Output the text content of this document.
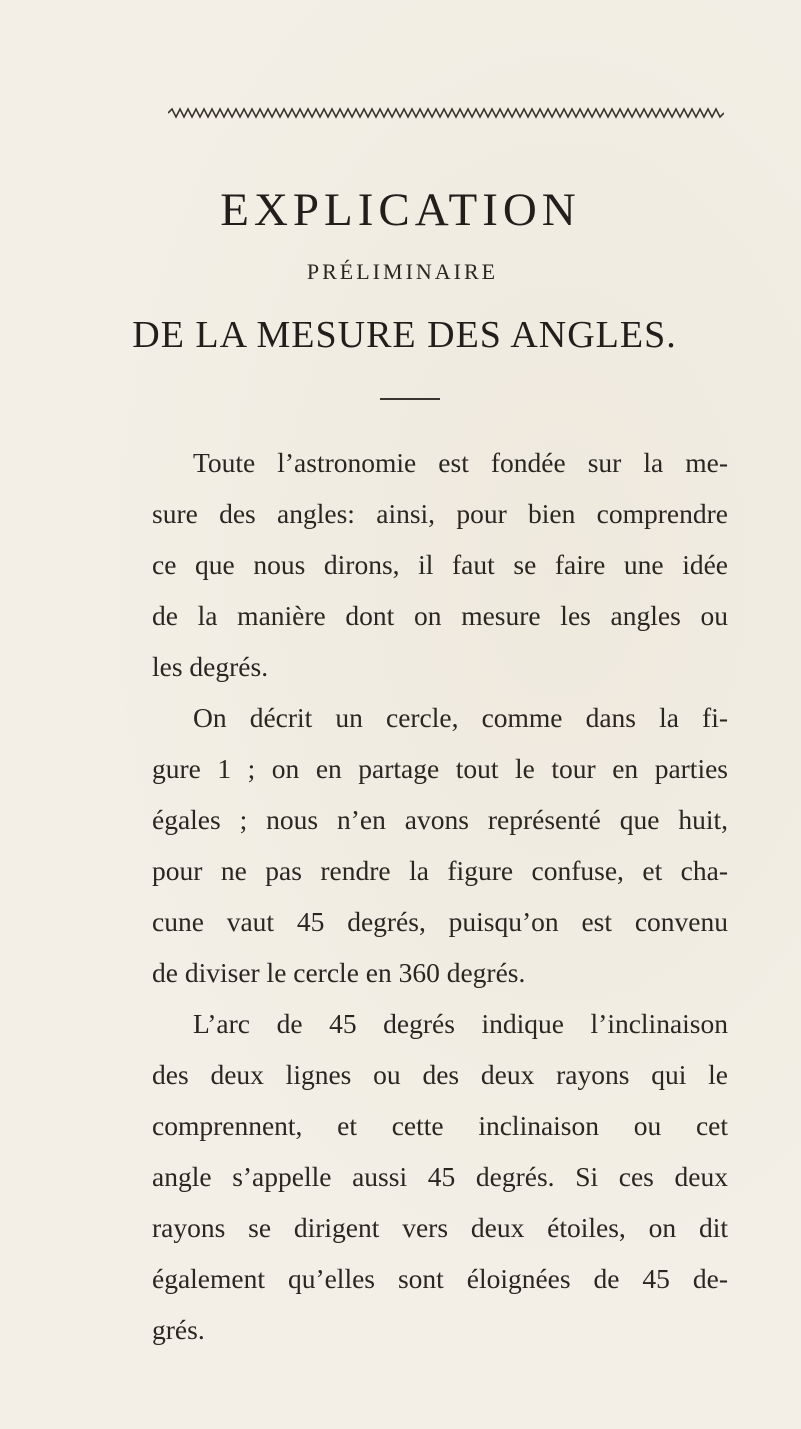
EXPLICATION
PRÉLIMINAIRE
DE LA MESURE DES ANGLES.
Toute l’astronomie est fondée sur la me-
sure des angles: ainsi, pour bien comprendre
ce que nous dirons, il faut se faire une idée
de la manière dont on mesure les angles ou
les degrés.
On décrit un cercle, comme dans la fi-
gure 1 ; on en partage tout le tour en parties
égales ; nous n’en avons représenté que huit,
pour ne pas rendre la figure confuse, et cha-
cune vaut 45 degrés, puisqu’on est convenu
de diviser le cercle en 360 degrés.
L’arc de 45 degrés indique l’inclinaison
des deux lignes ou des deux rayons qui le
comprennent, et cette inclinaison ou cet
angle s’appelle aussi 45 degrés. Si ces deux
rayons se dirigent vers deux étoiles, on dit
également qu’elles sont éloignées de 45 de-
grés.
